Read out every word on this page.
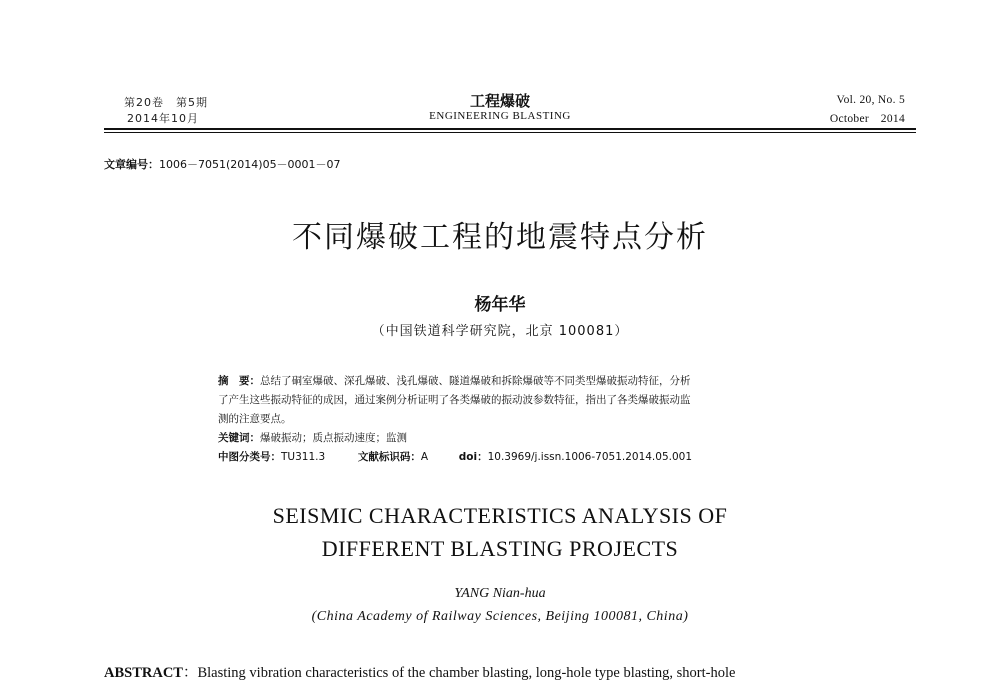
第20卷　第5期
2014年10月
工程爆破
ENGINEERING BLASTING
Vol. 20, No. 5
October　2014
文章编号：1006－7051(2014)05－0001－07
不同爆破工程的地震特点分析
杨年华
（中国铁道科学研究院，北京 100081）
摘　要：总结了硐室爆破、深孔爆破、浅孔爆破、隧道爆破和拆除爆破等不同类型爆破振动特征，分析
了产生这些振动特征的成因，通过案例分析证明了各类爆破的振动波参数特征，指出了各类爆破振动监
测的注意要点。
关键词：爆破振动；质点振动速度；监测
中图分类号：TU311.3	文献标识码：A	doi：10.3969/j.issn.1006-7051.2014.05.001
SEISMIC CHARACTERISTICS ANALYSIS OF
DIFFERENT BLASTING PROJECTS
YANG Nian-hua
(China Academy of Railway Sciences, Beijing 100081, China)
ABSTRACT：Blasting vibration characteristics of the chamber blasting, long-hole type blasting, short-hole
